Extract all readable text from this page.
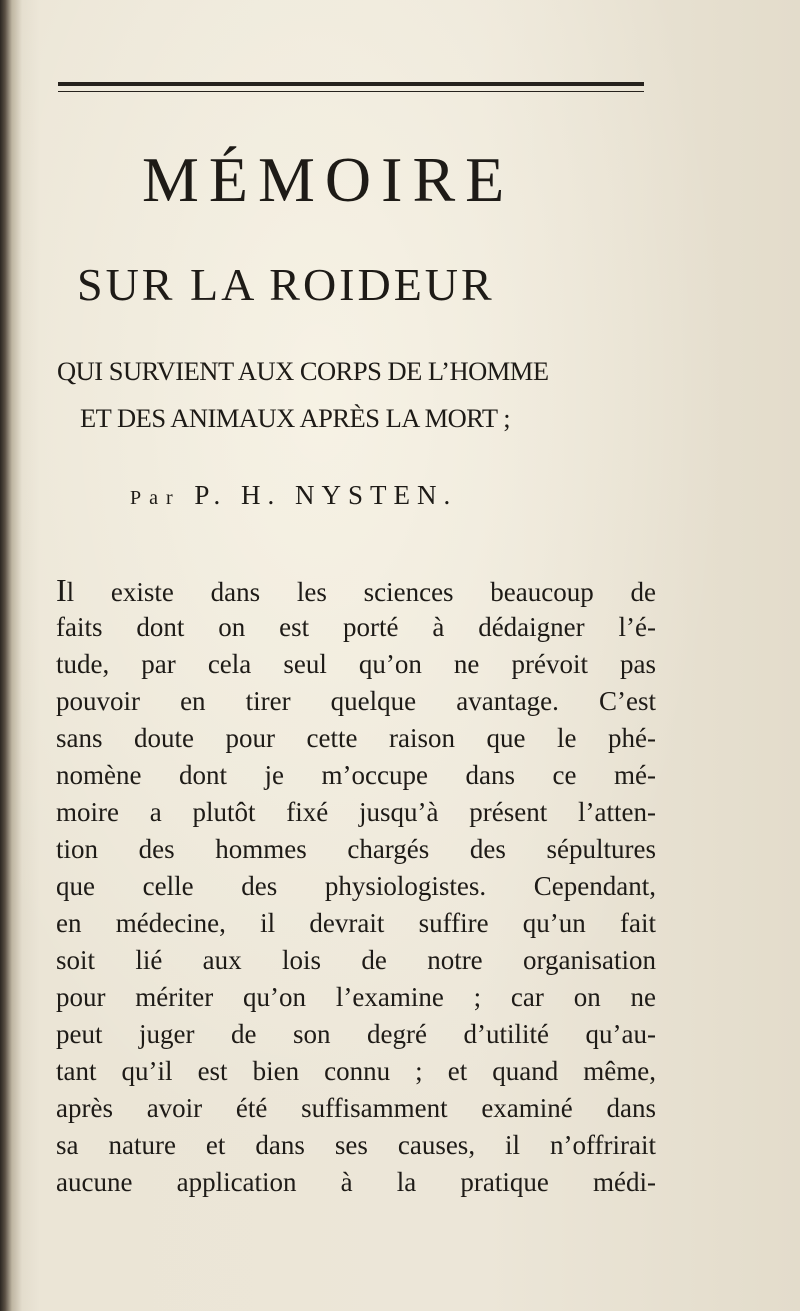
MÉMOIRE
SUR LA ROIDEUR

QUI SURVIENT AUX CORPS DE L’HOMME

ET DES ANIMAUX APRÈS LA MORT ;

Par P. H. NYSTEN.

Il existe dans les sciences beaucoup de
faits dont on est porté à dédaigner l’é-
tude, par cela seul qu’on ne prévoit pas
pouvoir en tirer quelque avantage. C’est
sans doute pour cette raison que le phé-
nomène dont je m’occupe dans ce mé-
moire a plutôt fixé jusqu’à présent l’atten-
tion des hommes chargés des sépultures
que celle des physiologistes. Cependant,
en médecine, il devrait suffire qu’un fait
soit lié aux lois de notre organisation
pour mériter qu’on l’examine ; car on ne
peut juger de son degré d’utilité qu’au-
tant qu’il est bien connu ; et quand même,
après avoir été suffisamment examiné dans
sa nature et dans ses causes, il n’offrirait
aucune application à la pratique médi-
